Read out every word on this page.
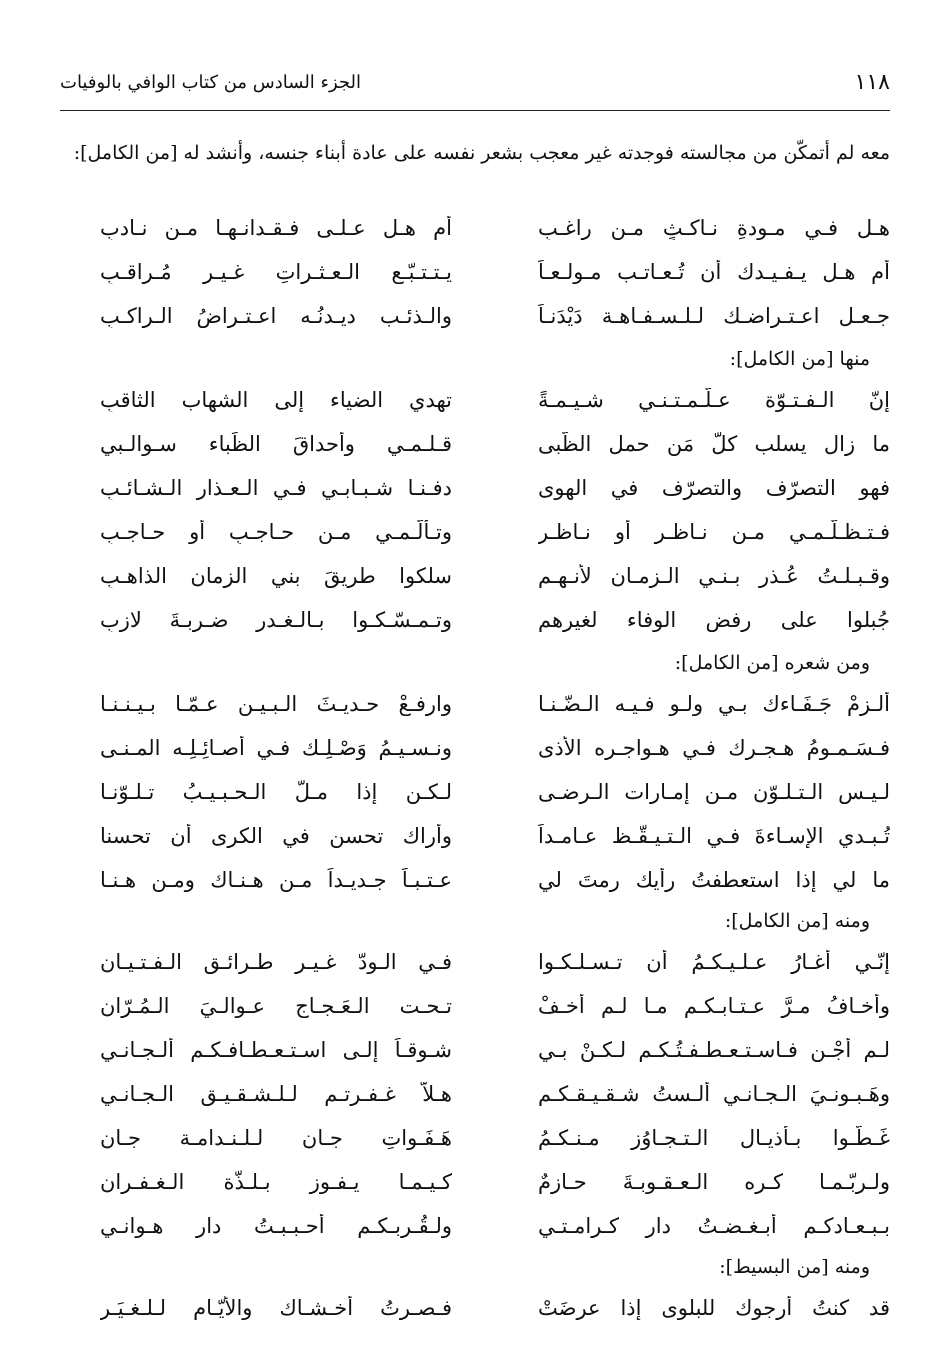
١١٨
الجزء السادس من كتاب الوافي بالوفيات
معه لم أتمكّن من مجالسته فوجدته غير معجب بشعر نفسه على عادة أبناء جنسه، وأنشد له [من الكامل]:
هـل فـي مـودةِ نـاكـثٍ مـن راغـبِ
أم هـل عـلـى فـقـدانـهـا مـن نـادبِ
أم هـل يـفـيـدك أن تُـعـاتـب مـولـعـاً
يـتـتـبّـع الـعـثـراتِ غـيـر مُـراقـبِ
جـعـل اعـتـراضـك لـلـسـفـاهـة دَيْدَنـاً
والـذئـب ديـدنُـه اعـتـراضُ الـراكـبِ
منها [من الكامل]:
إنّ الـفـتـوّة عـلّـمـتـنـي شـيـمـةً
تهدي الضياء إلى الشهاب الثاقبِ
ما زال يسلب كلّ مَن حمل الظُّبى
قـلـمـي وأحداقَ الظِّباء سـوالـبي
فهو التصرّف والتصرّف في الهوى
دفـنـا شـبـابـي فـي الـعـذار الـشـائـبِ
فـتـظـلُّـمـي مـن نـاظـرٍ أو نـاظـرٍ
وتـألُّـمـي مـن حـاجـبٍ أو حـاجـبِ
وقـبـلـتُ عُـذر بـنـي الـزمـانِ لأنـهـم
سلكوا طريقَ بني الزمان الذاهـبِ
جُبلوا على رفض الوفاء لغيرهم
وتـمـسّـكـوا بـالـغـدر ضـربـةَ لازبِ
ومن شعره [من الكامل]:
أَلـزِمْ جَـفَـاءك بـي ولـو فـيـه الـضّـنـا
وارفـعْ حـديـثَ الـبـيـن عـمّـا بـيـنـنـا
فـسَـمـومُ هـجـرِك فـي هـواجـره الأذى
ونـسـيـمُ وَصْـلِـك فـي أصـائِـلِـه المـنـى
لـيـس الـتـلـوّن مـن إمـارات الـرضـى
لـكـن إذا مـلّ الـحـبـيـبُ تـلـوّنـا
تُـبـدي الإسـاءةَ فـي الـتـيـقّـظ عـامـداً
وأراك تحسن في الكرى أن تحسنا
ما لي إذا استعطفتُ رأيك رمتَ لي
عـتـبـاً جـديـداً مـن هـنـاك ومـن هـنـا
ومنه [من الكامل]:
إنّـي أغـارُ عـلـيـكـمُ أن تـسـلـكـوا
فـي الـودّ غـيـر طـرائـق الـفـتـيـانِ
وأخـافُ مـرَّ عـتـابـكـم مـا لـم أخـفْ
تـحـت الـعَـجـاج عـوالـيَ الـمُـرّانِ
لـم أجْـنِ فـاسـتـعـطـفـتُـكـم لـكـنْ بـي
شـوقـاً إلـى اسـتـعـطـافـكـم ألـجـانـي
وهَـبـونـيَ الـجـانـي ألـستُ شـقـيـقـكـم
هـلاّ غـفـرتـم لـلـشـقـيـق الـجـانـي
غَـطُّـوا بـأذيـال الـتـجـاوُز مـنـكـمُ
هَـفَـواتِ جـانٍ لـلـنـدامـة جـانِ
ولـربّـمـا كـره الـعـقـوبـةَ حـازمٌ
كـيـمـا يـفـوز بـلـذّة الـغـفـرانِ
بـبـعـادكـم أبـغـضـتُ دار كـرامـتـي
ولـقُـربـكـم أحـبـبـتُ دار هـوانـي
ومنه [من البسيط]:
قد كنتُ أرجوك للبلوى إذا عرضَتْ
فـصـرتُ أخـشـاك والأيّـام لـلـغـيَـرِ
